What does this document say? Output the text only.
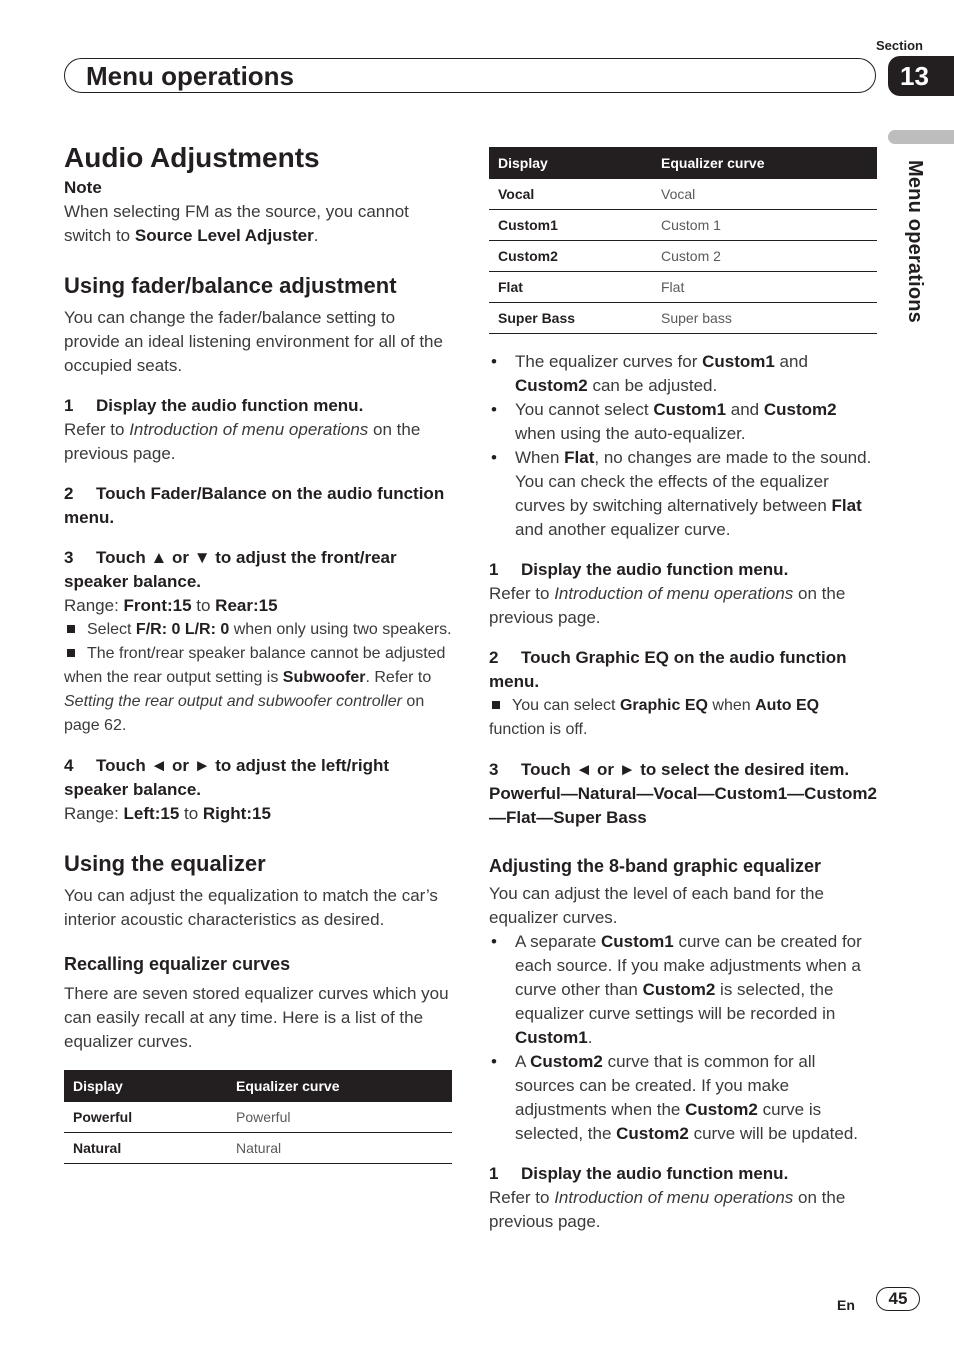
Section
13
Menu operations
Menu operations
Audio Adjustments
Note

When selecting FM as the source, you cannot switch to Source Level Adjuster.

Using fader/balance adjustment

You can change the fader/balance setting to provide an ideal listening environment for all of the occupied seats.

1 Display the audio function menu.

Refer to Introduction of menu operations on the previous page.

2 Touch Fader/Balance on the audio function menu.
3 Touch ▲ or ▼ to adjust the front/rear speaker balance.

Range: Front:15 to Rear:15

Select F/R: 0 L/R: 0 when only using two speakers.

The front/rear speaker balance cannot be adjusted when the rear output setting is Subwoofer. Refer to Setting the rear output and subwoofer controller on page 62.

4 Touch ◄ or ► to adjust the left/right speaker balance.

Range: Left:15 to Right:15

Using the equalizer

You can adjust the equalization to match the car’s interior acoustic characteristics as desired.

Recalling equalizer curves

There are seven stored equalizer curves which you can easily recall at any time. Here is a list of the equalizer curves.

Display	Equalizer curve
Powerful	Powerful
Natural	Natural
Display	Equalizer curve
Vocal	Vocal
Custom1	Custom 1
Custom2	Custom 2
Flat	Flat
Super Bass	Super bass
• The equalizer curves for Custom1 and Custom2 can be adjusted.
• You cannot select Custom1 and Custom2 when using the auto-equalizer.
• When Flat, no changes are made to the sound. You can check the effects of the equalizer curves by switching alternatively between Flat and another equalizer curve.
1 Display the audio function menu.

Refer to Introduction of menu operations on the previous page.

2 Touch Graphic EQ on the audio function menu.

You can select Graphic EQ when Auto EQ function is off.

3 Touch ◄ or ► to select the desired item.
Powerful—Natural—Vocal—Custom1—Custom2—Flat—Super Bass
Adjusting the 8-band graphic equalizer

You can adjust the level of each band for the equalizer curves.

• A separate Custom1 curve can be created for each source. If you make adjustments when a curve other than Custom2 is selected, the equalizer curve settings will be recorded in Custom1.
• A Custom2 curve that is common for all sources can be created. If you make adjustments when the Custom2 curve is selected, the Custom2 curve will be updated.
1 Display the audio function menu.

Refer to Introduction of menu operations on the previous page.

En	45
